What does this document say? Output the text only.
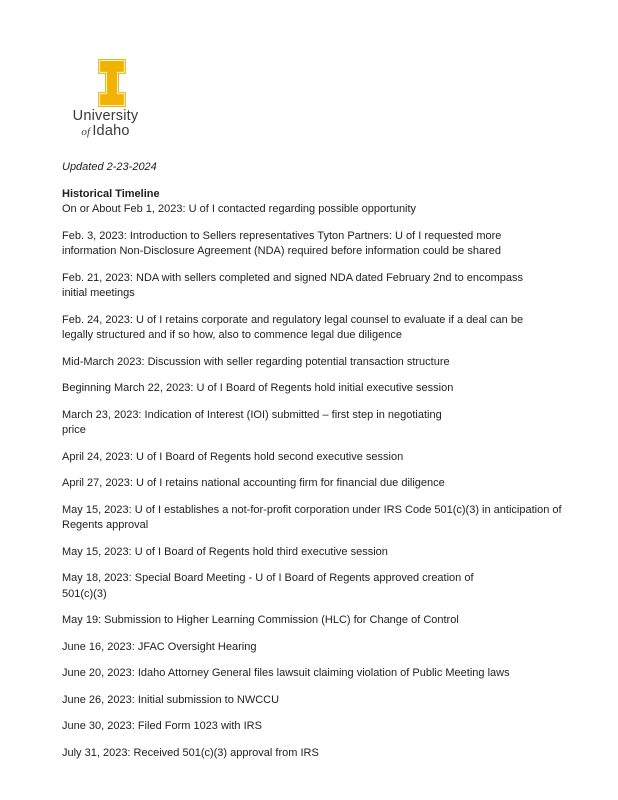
University
of Idaho

Updated 2-23-2024

Historical Timeline

On or About Feb 1, 2023: U of I contacted regarding possible opportunity

Feb. 3, 2023: Introduction to Sellers representatives Tyton Partners: U of I requested more
information Non-Disclosure Agreement (NDA) required before information could be shared

Feb. 21, 2023: NDA with sellers completed and signed NDA dated February 2nd to encompass
initial meetings

Feb. 24, 2023: U of I retains corporate and regulatory legal counsel to evaluate if a deal can be
legally structured and if so how, also to commence legal due diligence

Mid-March 2023: Discussion with seller regarding potential transaction structure

Beginning March 22, 2023: U of I Board of Regents hold initial executive session

March 23, 2023: Indication of Interest (IOI) submitted – first step in negotiating
price

April 24, 2023: U of I Board of Regents hold second executive session

April 27, 2023: U of I retains national accounting firm for financial due diligence

May 15, 2023: U of I establishes a not-for-profit corporation under IRS Code 501(c)(3) in anticipation of
Regents approval

May 15, 2023: U of I Board of Regents hold third executive session

May 18, 2023: Special Board Meeting - U of I Board of Regents approved creation of
501(c)(3)

May 19: Submission to Higher Learning Commission (HLC) for Change of Control

June 16, 2023: JFAC Oversight Hearing

June 20, 2023: Idaho Attorney General files lawsuit claiming violation of Public Meeting laws

June 26, 2023: Initial submission to NWCCU

June 30, 2023: Filed Form 1023 with IRS

July 31, 2023: Received 501(c)(3) approval from IRS
